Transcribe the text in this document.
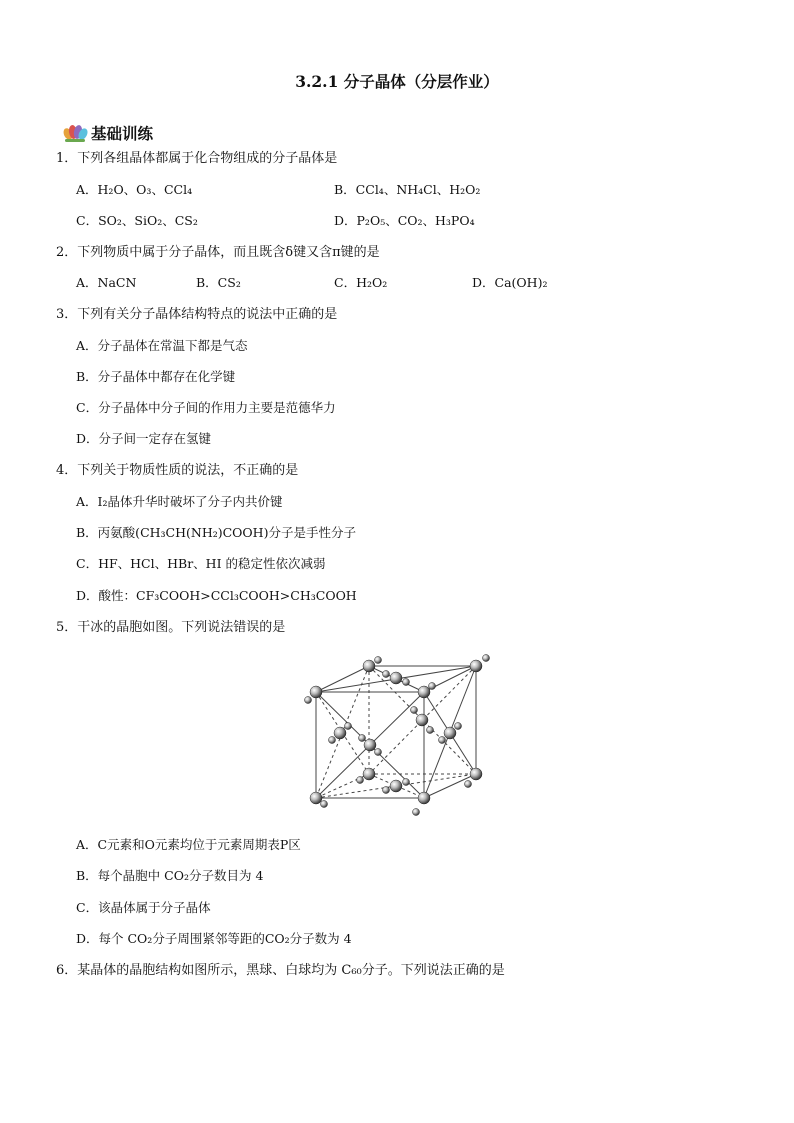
3.2.1 分子晶体（分层作业）
基础训练
1．下列各组晶体都属于化合物组成的分子晶体是
A．H₂O、O₃、CCl₄	B．CCl₄、NH₄Cl、H₂O₂
C．SO₂、SiO₂、CS₂	D．P₂O₅、CO₂、H₃PO₄
2．下列物质中属于分子晶体，而且既含δ键又含π键的是
A．NaCN	B．CS₂	C．H₂O₂	D．Ca(OH)₂
3．下列有关分子晶体结构特点的说法中正确的是
A．分子晶体在常温下都是气态
B．分子晶体中都存在化学键
C．分子晶体中分子间的作用力主要是范德华力
D．分子间一定存在氢键
4．下列关于物质性质的说法，不正确的是
A．I₂晶体升华时破坏了分子内共价键
B．丙氨酸(CH₃CH(NH₂)COOH)分子是手性分子
C．HF、HCl、HBr、HI 的稳定性依次减弱
D．酸性：CF₃COOH>CCl₃COOH>CH₃COOH
5．干冰的晶胞如图。下列说法错误的是
A．C元素和O元素均位于元素周期表P区
B．每个晶胞中 CO₂分子数目为 4
C．该晶体属于分子晶体
D．每个 CO₂分子周围紧邻等距的CO₂分子数为 4
6．某晶体的晶胞结构如图所示，黑球、白球均为 C₆₀分子。下列说法正确的是
